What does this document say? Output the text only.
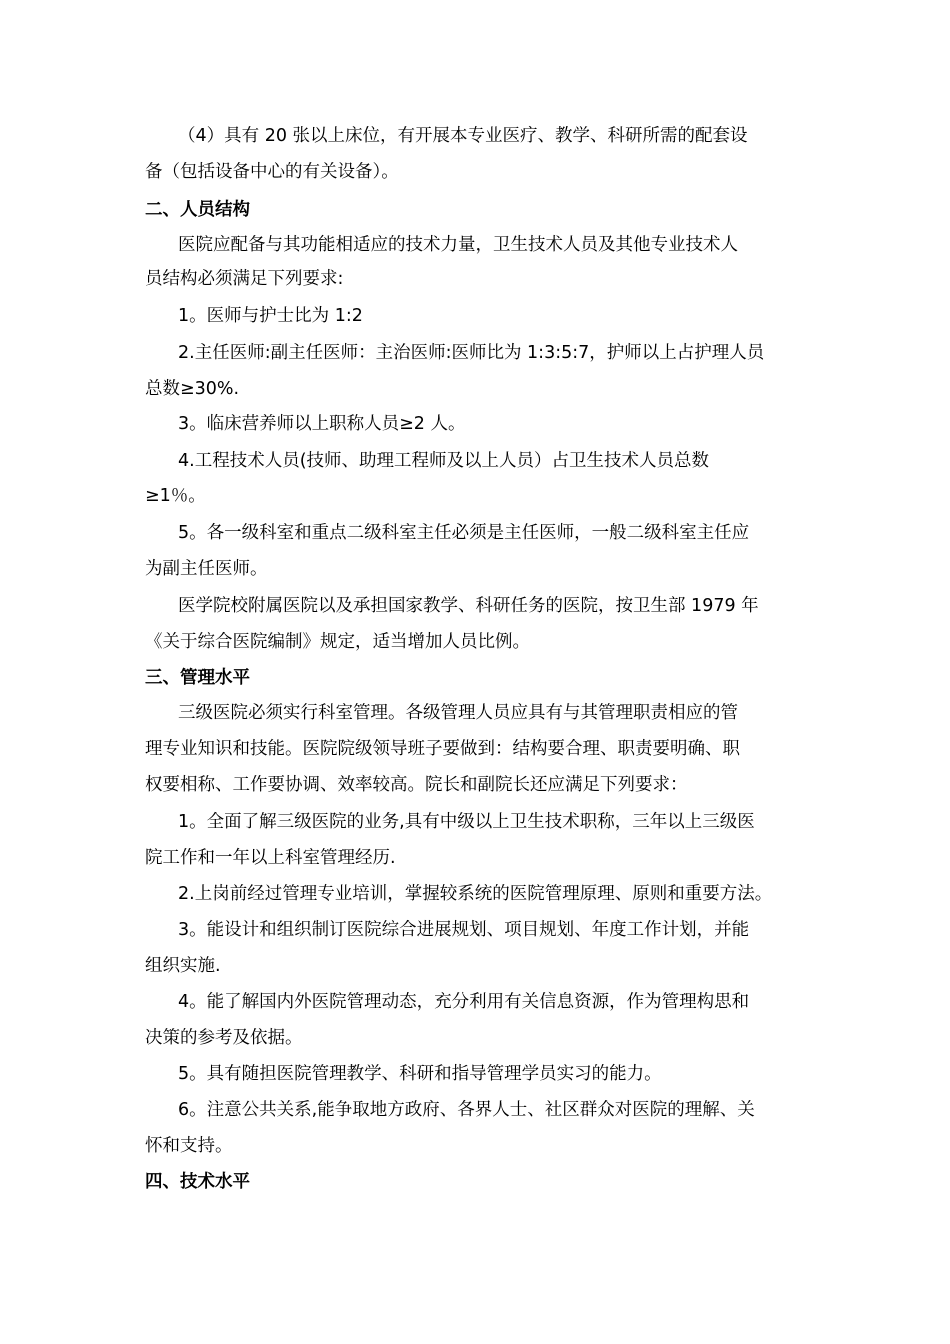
（4）具有 20 张以上床位，有开展本专业医疗、教学、科研所需的配套设
备（包括设备中心的有关设备）。
二、人员结构
医院应配备与其功能相适应的技术力量，卫生技术人员及其他专业技术人
员结构必须满足下列要求:
1。医师与护士比为 1:2
2.主任医师:副主任医师：主治医师:医师比为 1:3:5:7，护师以上占护理人员
总数≥30%.
3。临床营养师以上职称人员≥2 人。
4.工程技术人员(技师、助理工程师及以上人员）占卫生技术人员总数
≥1％。
5。各一级科室和重点二级科室主任必须是主任医师，一般二级科室主任应
为副主任医师。
医学院校附属医院以及承担国家教学、科研任务的医院，按卫生部 1979 年
《关于综合医院编制》规定，适当增加人员比例。
三、管理水平
三级医院必须实行科室管理。各级管理人员应具有与其管理职责相应的管
理专业知识和技能。医院院级领导班子要做到：结构要合理、职责要明确、职
权要相称、工作要协调、效率较高。院长和副院长还应满足下列要求：
1。全面了解三级医院的业务,具有中级以上卫生技术职称，三年以上三级医
院工作和一年以上科室管理经历.
2.上岗前经过管理专业培训，掌握较系统的医院管理原理、原则和重要方法。
3。能设计和组织制订医院综合进展规划、项目规划、年度工作计划，并能
组织实施.
4。能了解国内外医院管理动态，充分利用有关信息资源，作为管理构思和
决策的参考及依据。
5。具有随担医院管理教学、科研和指导管理学员实习的能力。
6。注意公共关系,能争取地方政府、各界人士、社区群众对医院的理解、关
怀和支持。
四、技术水平
